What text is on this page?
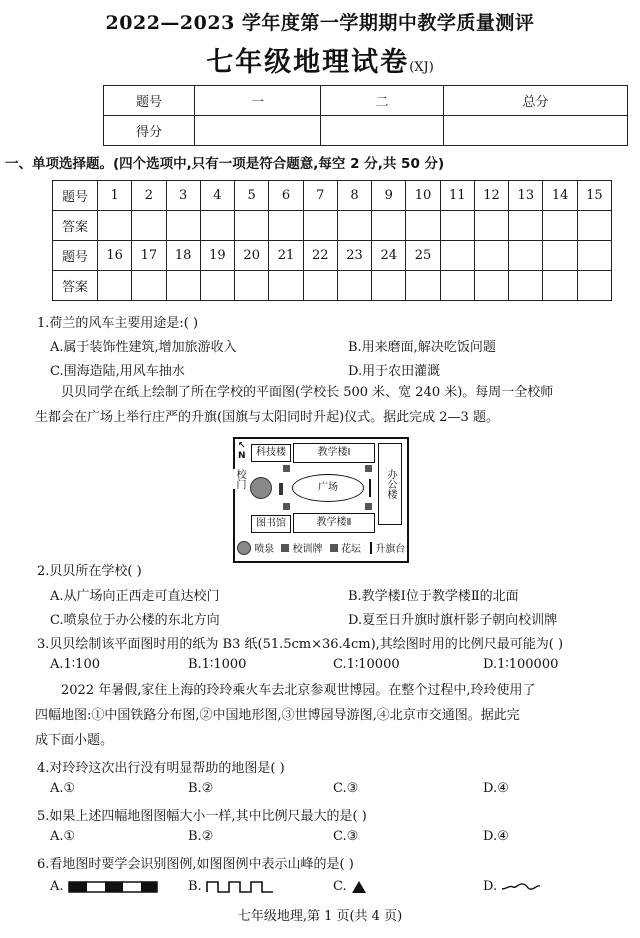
2022—2023 学年度第一学期期中教学质量测评
七年级地理试卷(XJ)
题号	一	二	总分
得分			
一、单项选择题。(四个选项中,只有一项是符合题意,每空 2 分,共 50 分)
题号	1	2	3	4	5	6	7	8	9	10	11	12	13	14	15
答案															
题号	16	17	18	19	20	21	22	23	24	25					
答案															
1.荷兰的风车主要用途是:( )
A.属于装饰性建筑,增加旅游收入	B.用来磨面,解决吃饭问题
C.围海造陆,用风车抽水	D.用于农田灌溉
贝贝同学在纸上绘制了所在学校的平面图(学校长 500 米、宽 240 米)。每周一全校师
生都会在广场上举行庄严的升旗(国旗与太阳同时升起)仪式。据此完成 2—3 题。
↖
N	科技楼	教学楼Ⅰ
办公楼
校门	广场
图书馆	教学楼Ⅱ
喷泉 校训牌 花坛 升旗台
2.贝贝所在学校( )
A.从广场向正西走可直达校门	B.教学楼Ⅰ位于教学楼Ⅱ的北面
C.喷泉位于办公楼的东北方向	D.夏至日升旗时旗杆影子朝向校训牌
3.贝贝绘制该平面图时用的纸为 B3 纸(51.5cm×36.4cm),其绘图时用的比例尺最可能为( )
A.1∶100	B.1∶1000	C.1∶10000	D.1∶100000
2022 年暑假,家住上海的玲玲乘火车去北京参观世博园。在整个过程中,玲玲使用了
四幅地图:①中国铁路分布图,②中国地形图,③世博园导游图,④北京市交通图。据此完
成下面小题。
4.对玲玲这次出行没有明显帮助的地图是( )
A.①	B.②	C.③	D.④
5.如果上述四幅地图图幅大小一样,其中比例尺最大的是( )
A.①	B.②	C.③	D.④
6.看地图时要学会识别图例,如图图例中表示山峰的是( )
A.	B.	C.	D.
七年级地理,第 1 页(共 4 页)
